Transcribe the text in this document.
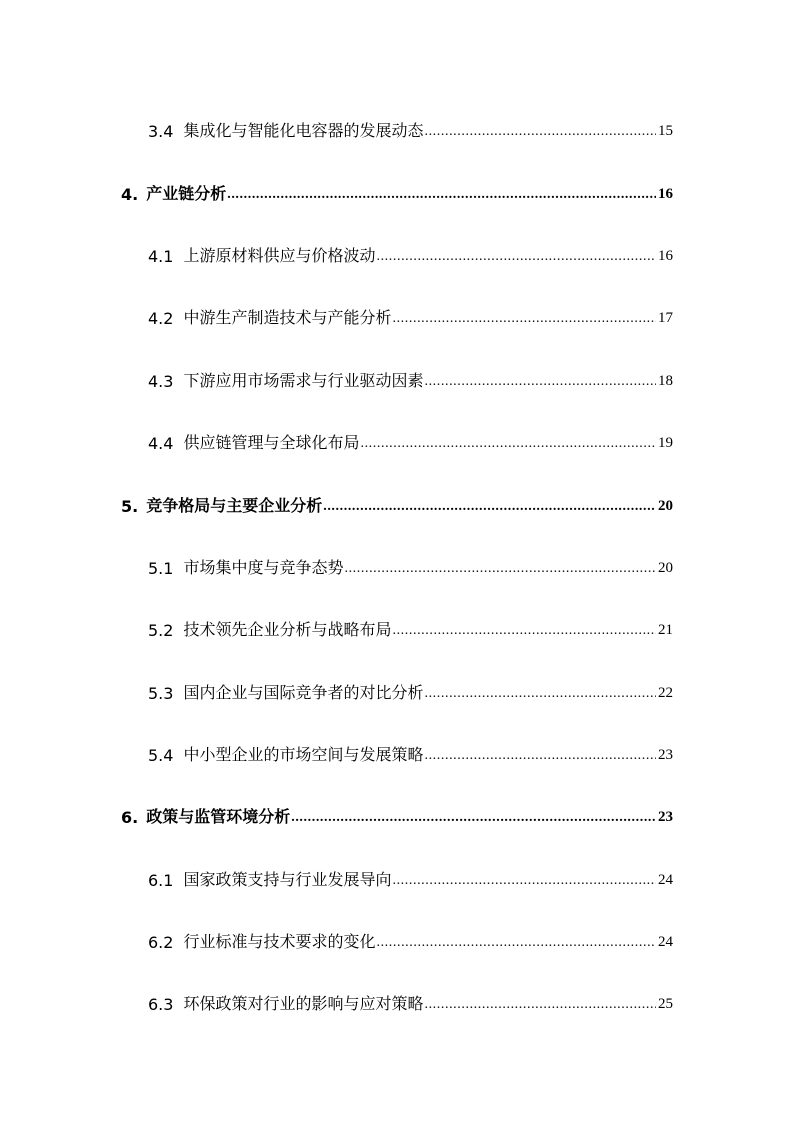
3.4 集成化与智能化电容器的发展动态 .....	15
4. 产业链分析 .....	16
4.1 上游原材料供应与价格波动 .....	16
4.2 中游生产制造技术与产能分析 .....	17
4.3 下游应用市场需求与行业驱动因素 .....	18
4.4 供应链管理与全球化布局 .....	19
5. 竞争格局与主要企业分析 .....	20
5.1 市场集中度与竞争态势 .....	20
5.2 技术领先企业分析与战略布局 .....	21
5.3 国内企业与国际竞争者的对比分析 .....	22
5.4 中小型企业的市场空间与发展策略 .....	23
6. 政策与监管环境分析 .....	23
6.1 国家政策支持与行业发展导向 .....	24
6.2 行业标准与技术要求的变化 .....	24
6.3 环保政策对行业的影响与应对策略 .....	25
